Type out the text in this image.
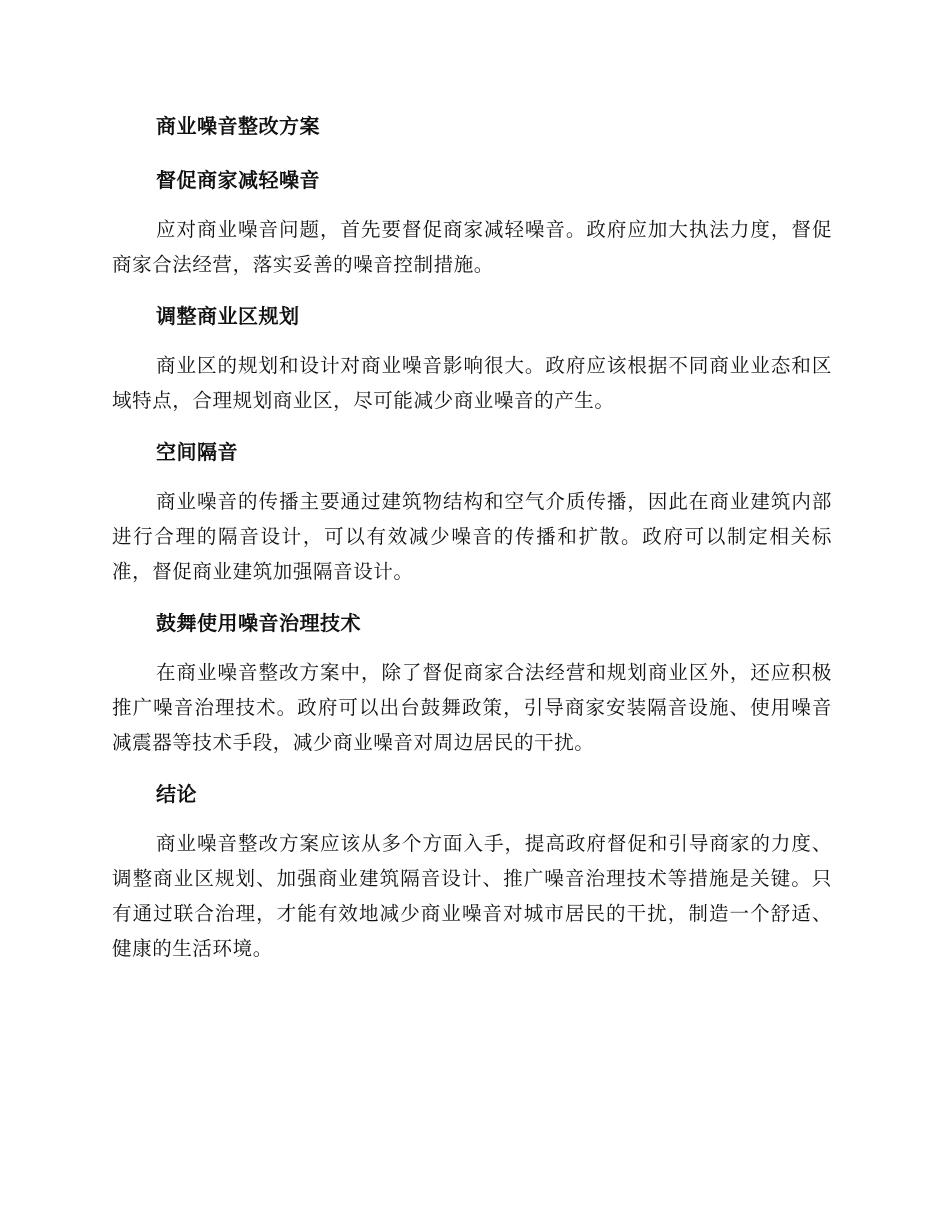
商业噪音整改方案
督促商家减轻噪音

应对商业噪音问题，首先要督促商家减轻噪音。政府应加大执法力度，督促商家合法经营，落实妥善的噪音控制措施。

调整商业区规划

商业区的规划和设计对商业噪音影响很大。政府应该根据不同商业业态和区域特点，合理规划商业区，尽可能减少商业噪音的产生。

空间隔音

商业噪音的传播主要通过建筑物结构和空气介质传播，因此在商业建筑内部进行合理的隔音设计，可以有效减少噪音的传播和扩散。政府可以制定相关标准，督促商业建筑加强隔音设计。

鼓舞使用噪音治理技术

在商业噪音整改方案中，除了督促商家合法经营和规划商业区外，还应积极推广噪音治理技术。政府可以出台鼓舞政策，引导商家安装隔音设施、使用噪音减震器等技术手段，减少商业噪音对周边居民的干扰。

结论

商业噪音整改方案应该从多个方面入手，提高政府督促和引导商家的力度、调整商业区规划、加强商业建筑隔音设计、推广噪音治理技术等措施是关键。只有通过联合治理，才能有效地减少商业噪音对城市居民的干扰，制造一个舒适、健康的生活环境。
